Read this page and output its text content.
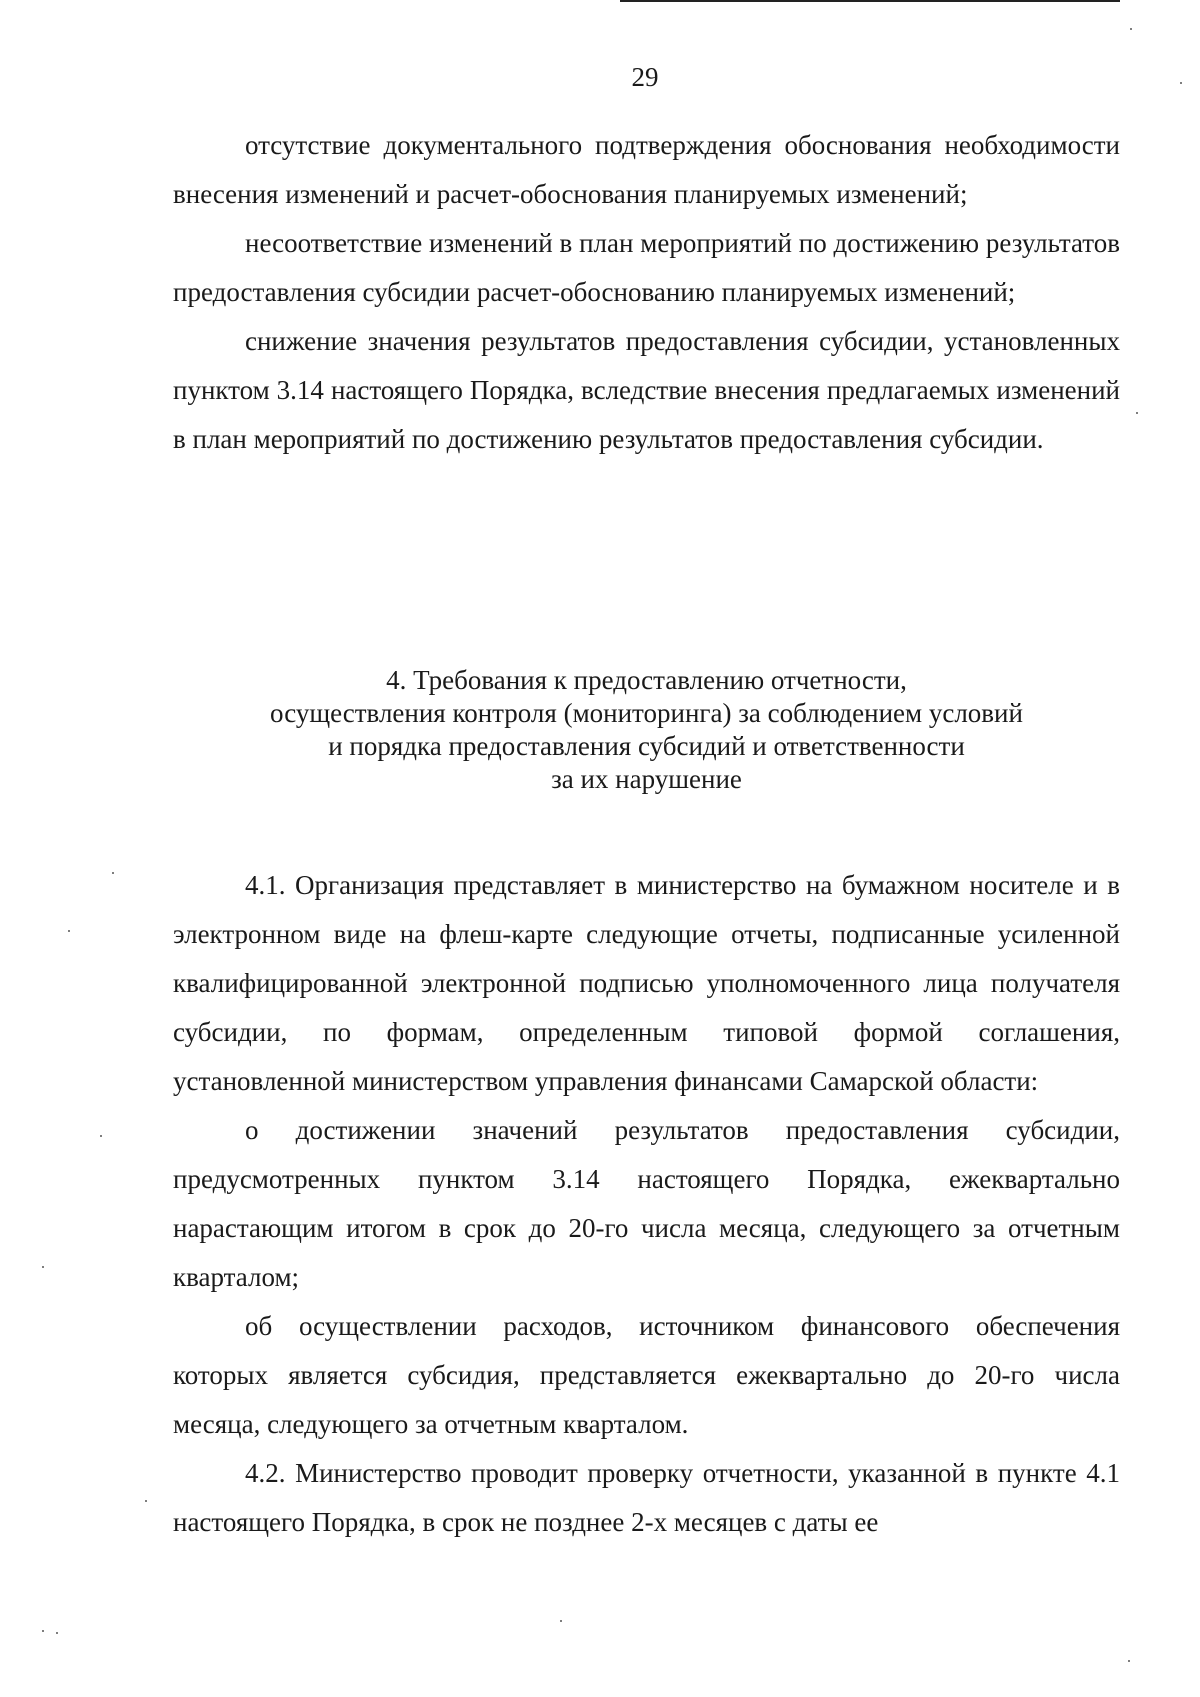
29

отсутствие документального подтверждения обоснования необходимости внесения изменений и расчет-обоснования планируемых изменений;

несоответствие изменений в план мероприятий по достижению результатов предоставления субсидии расчет-обоснованию планируемых изменений;

снижение значения результатов предоставления субсидии, установленных пунктом 3.14 настоящего Порядка, вследствие внесения предлагаемых изменений в план мероприятий по достижению результатов предоставления субсидии.

4. Требования к предоставлению отчетности,
осуществления контроля (мониторинга) за соблюдением условий
и порядка предоставления субсидий и ответственности
за их нарушение

4.1. Организация представляет в министерство на бумажном носителе и в электронном виде на флеш-карте следующие отчеты, подписанные усиленной квалифицированной электронной подписью уполномоченного лица получателя субсидии, по формам, определенным типовой формой соглашения, установленной министерством управления финансами Самарской области:

о достижении значений результатов предоставления субсидии, предусмотренных пунктом 3.14 настоящего Порядка, ежеквартально нарастающим итогом в срок до 20-го числа месяца, следующего за отчетным кварталом;

об осуществлении расходов, источником финансового обеспечения которых является субсидия, представляется ежеквартально до 20-го числа месяца, следующего за отчетным кварталом.

4.2. Министерство проводит проверку отчетности, указанной в пункте 4.1 настоящего Порядка, в срок не позднее 2-х месяцев с даты ее
